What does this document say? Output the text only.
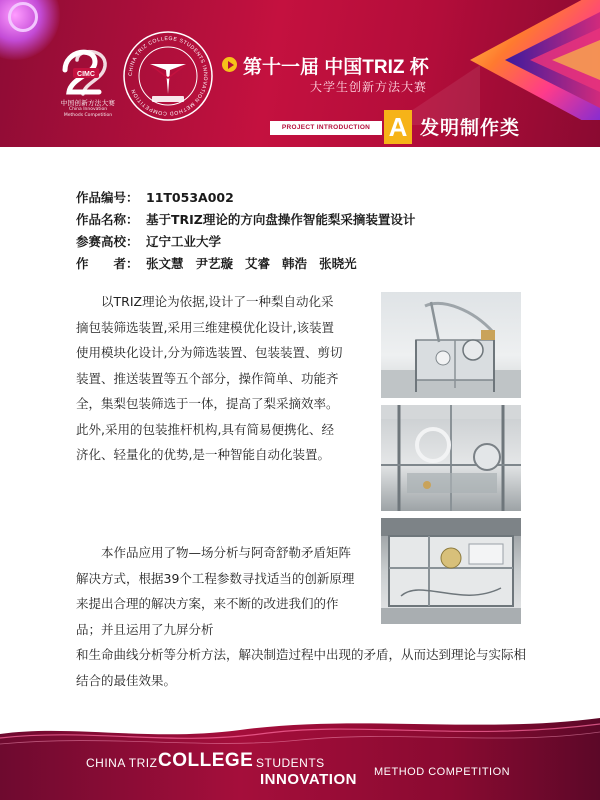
CIMC
中国创新方法大赛
China Innovation
Methods Competition
CHINA TRIZ COLLEGE STUDENTS INNOVATION METHOD COMPETITION
第十一届 中国TRIZ 杯
大学生创新方法大赛
PROJECT INTRODUCTION A 发明制作类
作品编号： 11T053A002
作品名称： 基于TRIZ理论的方向盘操作智能梨采摘装置设计
参赛高校： 辽宁工业大学
作　　者： 张文慧 尹艺璇 艾睿 韩浩 张晓光

以TRIZ理论为依据,设计了一种梨自动化采摘包装筛选装置,采用三维建模优化设计,该装置使用模块化设计,分为筛选装置、包装装置、剪切装置、推送装置等五个部分，操作简单、功能齐全，集梨包装筛选于一体，提高了梨采摘效率。此外,采用的包装推杆机构,具有简易便携化、经济化、轻量化的优势,是一种智能自动化装置。

本作品应用了物—场分析与阿奇舒勒矛盾矩阵解决方式，根据39个工程参数寻找适当的创新原理来提出合理的解决方案，来不断的改进我们的作品；并且运用了九屏分析

和生命曲线分析等分析方法，解决制造过程中出现的矛盾，从而达到理论与实际相结合的最佳效果。

CHINA TRIZ COLLEGE STUDENTS
INNOVATION METHOD COMPETITION
